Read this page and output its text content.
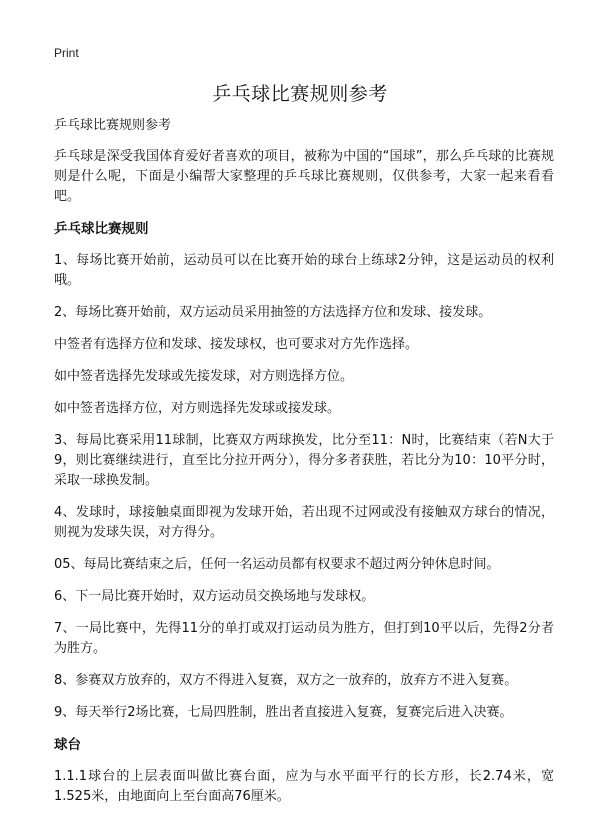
Print
乒乓球比赛规则参考

乒乓球比赛规则参考

乒乓球是深受我国体育爱好者喜欢的项目，被称为中国的“国球”，那么乒乓球的比赛规则是什么呢，下面是小编帮大家整理的乒乓球比赛规则，仅供参考，大家一起来看看吧。

乒乓球比赛规则

1、每场比赛开始前，运动员可以在比赛开始的球台上练球2分钟，这是运动员的权利哦。

2、每场比赛开始前，双方运动员采用抽签的方法选择方位和发球、接发球。

中签者有选择方位和发球、接发球权，也可要求对方先作选择。

如中签者选择先发球或先接发球，对方则选择方位。

如中签者选择方位，对方则选择先发球或接发球。

3、每局比赛采用11球制，比赛双方两球换发，比分至11：N时，比赛结束（若N大于9，则比赛继续进行，直至比分拉开两分），得分多者获胜，若比分为10：10平分时，采取一球换发制。

4、发球时，球接触桌面即视为发球开始，若出现不过网或没有接触双方球台的情况，则视为发球失误，对方得分。

05、每局比赛结束之后，任何一名运动员都有权要求不超过两分钟休息时间。

6、下一局比赛开始时，双方运动员交换场地与发球权。

7、一局比赛中，先得11分的单打或双打运动员为胜方，但打到10平以后，先得2分者为胜方。

8、参赛双方放弃的，双方不得进入复赛，双方之一放弃的，放弃方不进入复赛。

9、每天举行2场比赛，七局四胜制，胜出者直接进入复赛，复赛完后进入决赛。

球台

1.1.1球台的上层表面叫做比赛台面，应为与水平面平行的长方形，长2.74米，宽1.525米，由地面向上至台面高76厘米。
